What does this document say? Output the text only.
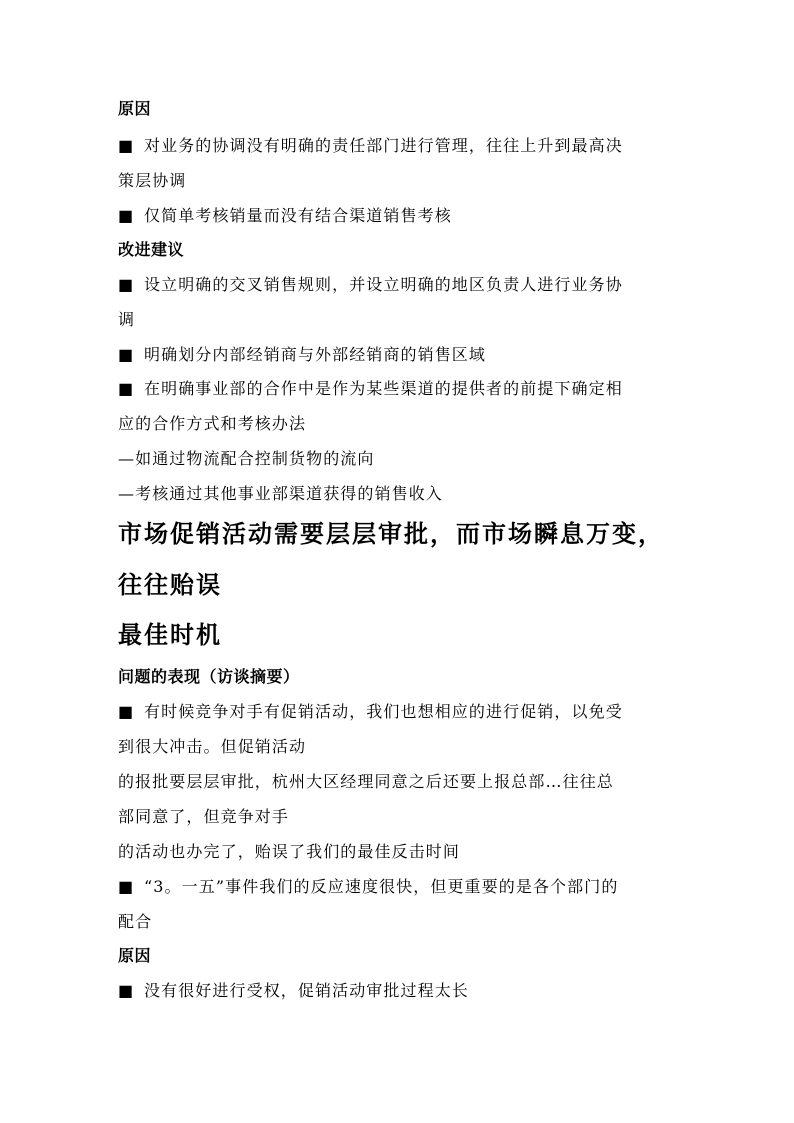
原因
■ 对业务的协调没有明确的责任部门进行管理，往往上升到最高决
策层协调
■ 仅简单考核销量而没有结合渠道销售考核
改进建议
■ 设立明确的交叉销售规则，并设立明确的地区负责人进行业务协
调
■ 明确划分内部经销商与外部经销商的销售区域
■ 在明确事业部的合作中是作为某些渠道的提供者的前提下确定相
应的合作方式和考核办法
—如通过物流配合控制货物的流向
—考核通过其他事业部渠道获得的销售收入
市场促销活动需要层层审批，而市场瞬息万变，
往往贻误
最佳时机
问题的表现（访谈摘要）
■ 有时候竞争对手有促销活动，我们也想相应的进行促销，以免受
到很大冲击。但促销活动
的报批要层层审批，杭州大区经理同意之后还要上报总部…往往总
部同意了，但竞争对手
的活动也办完了，贻误了我们的最佳反击时间
■ “3。一五”事件我们的反应速度很快，但更重要的是各个部门的
配合
原因
■ 没有很好进行受权，促销活动审批过程太长
